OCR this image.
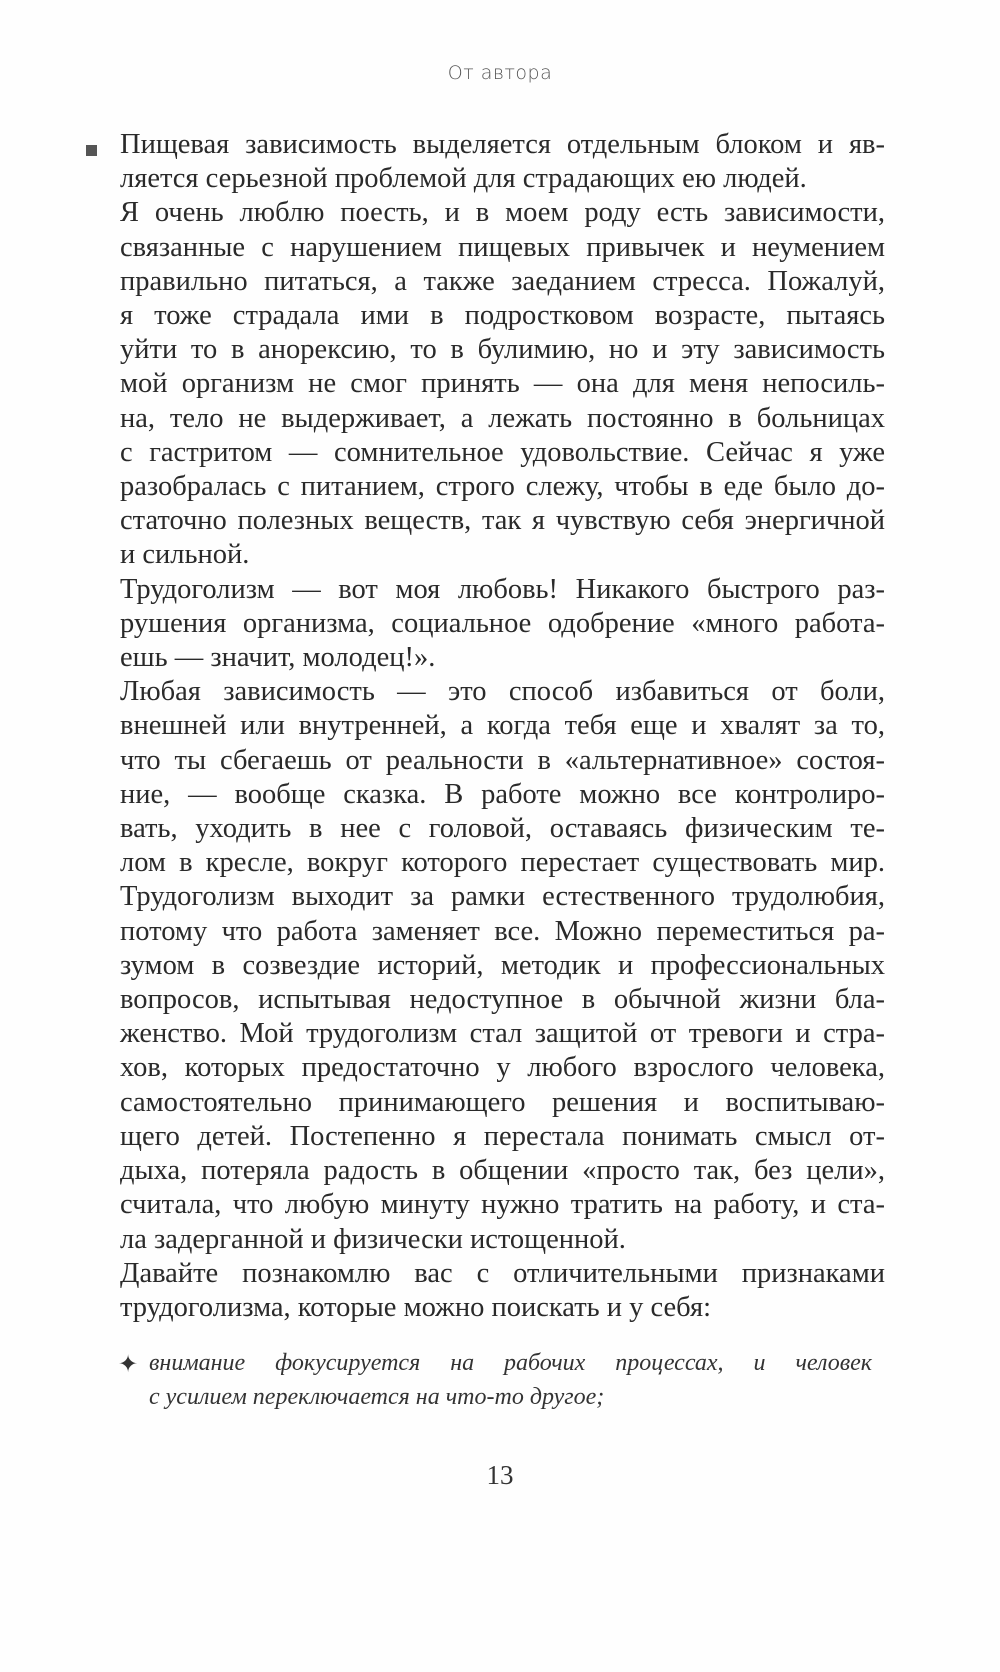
От автора
Пищевая зависимость выделяется отдельным блоком и яв-
ляется серьезной проблемой для страдающих ею людей.
Я очень люблю поесть, и в моем роду есть зависимости,
связанные с нарушением пищевых привычек и неумением
правильно питаться, а также заеданием стресса. Пожалуй,
я тоже страдала ими в подростковом возрасте, пытаясь
уйти то в анорексию, то в булимию, но и эту зависимость
мой организм не смог принять — она для меня непосиль-
на, тело не выдерживает, а лежать постоянно в больницах
с гастритом — сомнительное удовольствие. Сейчас я уже
разобралась с питанием, строго слежу, чтобы в еде было до-
статочно полезных веществ, так я чувствую себя энергичной
и сильной.
Трудоголизм — вот моя любовь! Никакого быстрого раз-
рушения организма, социальное одобрение «много работа-
ешь — значит, молодец!».
Любая зависимость — это способ избавиться от боли,
внешней или внутренней, а когда тебя еще и хвалят за то,
что ты сбегаешь от реальности в «альтернативное» состоя-
ние, — вообще сказка. В работе можно все контролиро-
вать, уходить в нее с головой, оставаясь физическим те-
лом в кресле, вокруг которого перестает существовать мир.
Трудоголизм выходит за рамки естественного трудолюбия,
потому что работа заменяет все. Можно переместиться ра-
зумом в созвездие историй, методик и профессиональных
вопросов, испытывая недоступное в обычной жизни бла-
женство. Мой трудоголизм стал защитой от тревоги и стра-
хов, которых предостаточно у любого взрослого человека,
самостоятельно принимающего решения и воспитываю-
щего детей. Постепенно я перестала понимать смысл от-
дыха, потеряла радость в общении «просто так, без цели»,
считала, что любую минуту нужно тратить на работу, и ста-
ла задерганной и физически истощенной.
Давайте познакомлю вас с отличительными признаками
трудоголизма, которые можно поискать и у себя:
✦ внимание фокусируется на рабочих процессах, и человек
с усилием переключается на что-то другое;
13
